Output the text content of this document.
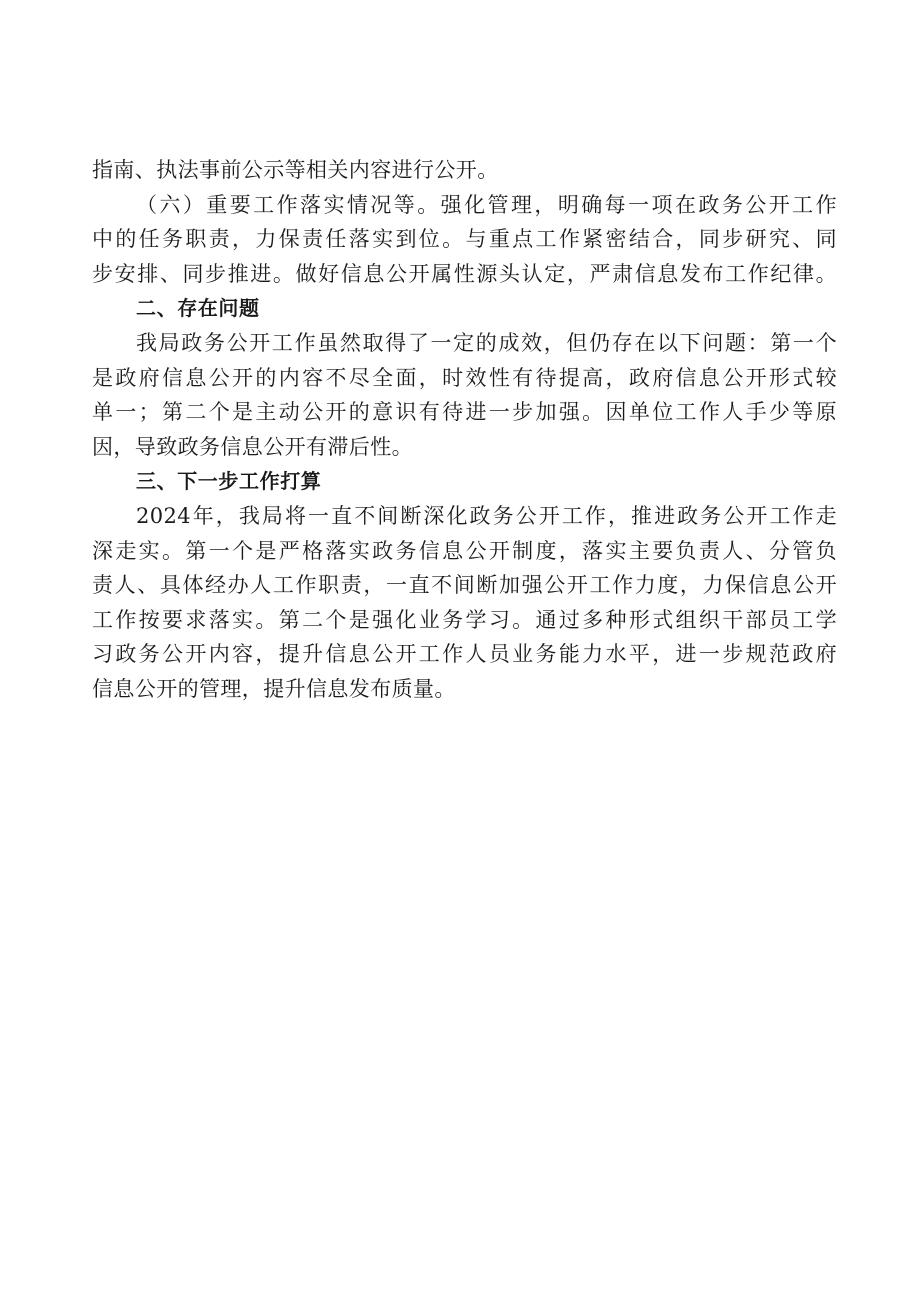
指南、执法事前公示等相关内容进行公开。
（六）重要工作落实情况等。强化管理，明确每一项在政务公开工作
中的任务职责，力保责任落实到位。与重点工作紧密结合，同步研究、同
步安排、同步推进。做好信息公开属性源头认定，严肃信息发布工作纪律。
二、存在问题
我局政务公开工作虽然取得了一定的成效，但仍存在以下问题：第一个
是政府信息公开的内容不尽全面，时效性有待提高，政府信息公开形式较
单一；第二个是主动公开的意识有待进一步加强。因单位工作人手少等原
因，导致政务信息公开有滞后性。
三、下一步工作打算
2024年，我局将一直不间断深化政务公开工作，推进政务公开工作走
深走实。第一个是严格落实政务信息公开制度，落实主要负责人、分管负
责人、具体经办人工作职责，一直不间断加强公开工作力度，力保信息公开
工作按要求落实。第二个是强化业务学习。通过多种形式组织干部员工学
习政务公开内容，提升信息公开工作人员业务能力水平，进一步规范政府
信息公开的管理，提升信息发布质量。
